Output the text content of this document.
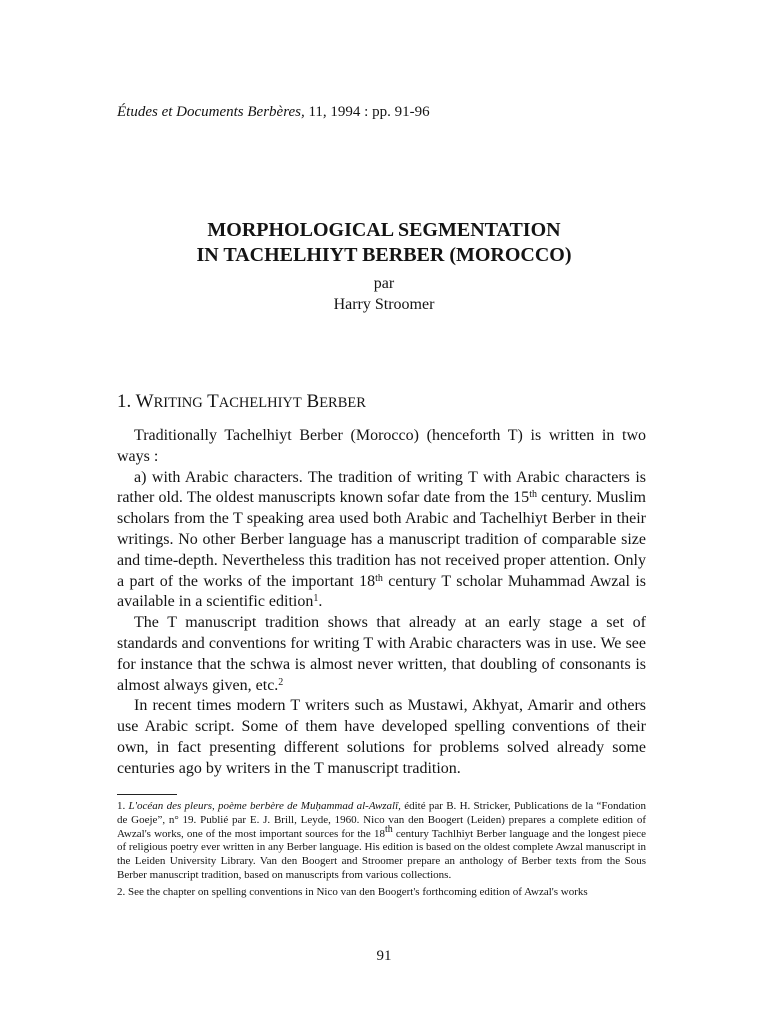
Études et Documents Berbères, 11, 1994 : pp. 91-96
MORPHOLOGICAL SEGMENTATION
IN TACHELHIYT BERBER (MOROCCO)
par
Harry Stroomer
1. WRITING TACHELHIYT BERBER

Traditionally Tachelhiyt Berber (Morocco) (henceforth T) is written in two ways :

a) with Arabic characters. The tradition of writing T with Arabic characters is rather old. The oldest manuscripts known sofar date from the 15th century. Muslim scholars from the T speaking area used both Arabic and Tachelhiyt Berber in their writings. No other Berber language has a manuscript tradition of comparable size and time-depth. Nevertheless this tradition has not received proper attention. Only a part of the works of the important 18th century T scholar Muhammad Awzal is available in a scientific edition$^1$.

The T manuscript tradition shows that already at an early stage a set of standards and conventions for writing T with Arabic characters was in use. We see for instance that the schwa is almost never written, that doubling of consonants is almost always given, etc.$^2$

In recent times modern T writers such as Mustawi, Akhyat, Amarir and others use Arabic script. Some of them have developed spelling conventions of their own, in fact presenting different solutions for problems solved already some centuries ago by writers in the T manuscript tradition.

1. L'océan des pleurs, poème berbère de Muḥammad al-Awzalī, édité par B. H. Stricker, Publications de la “Fondation de Goeje”, n° 19. Publié par E. J. Brill, Leyde, 1960. Nico van den Boogert (Leiden) prepares a complete edition of Awzal's works, one of the most important sources for the 18th century Tachlhiyt Berber language and the longest piece of religious poetry ever written in any Berber language. His edition is based on the oldest complete Awzal manuscript in the Leiden University Library. Van den Boogert and Stroomer prepare an anthology of Berber texts from the Sous Berber manuscript tradition, based on manuscripts from various collections.

2. See the chapter on spelling conventions in Nico van den Boogert's forthcoming edition of Awzal's works

91
